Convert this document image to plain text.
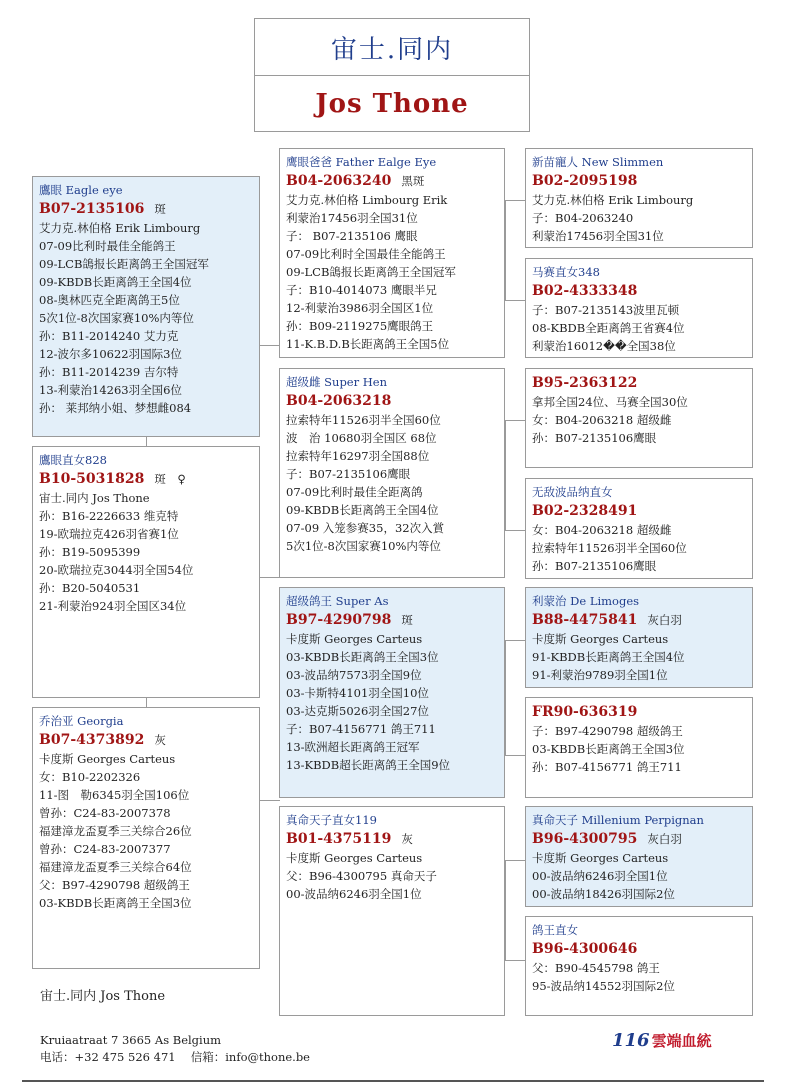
宙士.同内
Jos Thone
鷹眼 Eagle eye
B07-2135106 斑
艾力克.林伯格 Erik Limbourg
07-09比利时最佳全能鸽王
09-LCB鴿报长距离鸽王全国冠军
09-KBDB长距离鸽王全国4位
08-奥林匹克全距离鸽王5位
5次1位-8次国家赛10%内等位
孙：B11-2014240 艾力克
12-波尔多10622羽国际3位
孙：B11-2014239 吉尔特
13-利蒙治14263羽全国6位
孙： 莱邦纳小姐、梦想雌084
鷹眼直女828
B10-5031828 斑　♀
宙士.同内 Jos Thone
孙：B16-2226633 维克特
19-欧瑞拉克426羽省赛1位
孙：B19-5095399
20-欧瑞拉克3044羽全国54位
孙：B20-5040531
21-利蒙治924羽全国区34位
乔治亚 Georgia
B07-4373892 灰
卡度斯 Georges Carteus
女：B10-2202326
11-图　勒6345羽全国106位
曾孙：C24-83-2007378
福建漳龙盃夏季三关综合26位
曾孙：C24-83-2007377
福建漳龙盃夏季三关综合64位
父：B97-4290798 超级鸽王
03-KBDB长距离鸽王全国3位
鹰眼爸爸 Father Ealge Eye
B04-2063240 黑斑
艾力克.林伯格 Limbourg Erik
利蒙治17456羽全国31位
子： B07-2135106 鹰眼
07-09比利时全国最佳全能鸽王
09-LCB鴿报长距离鸽王全国冠军
子：B10-4014073 鹰眼半兄
12-利蒙治3986羽全国区1位
孙：B09-2119275鹰眼鸽王
11-K.B.D.B长距离鸽王全国5位
超级雌 Super Hen
B04-2063218
拉索特年11526羽半全国60位
波　治 10680羽全国区 68位
拉索特年16297羽全国88位
子：B07-2135106鹰眼
07-09比利时最佳全距离鸽
09-KBDB长距离鸽王全国4位
07-09 入笼参赛35，32次入賞
5次1位-8次国家赛10%内等位
超级鸽王 Super As
B97-4290798 斑
卡度斯 Georges Carteus
03-KBDB长距离鸽王全国3位
03-波品纳7573羽全国9位
03-卡斯特4101羽全国10位
03-达克斯5026羽全国27位
子：B07-4156771 鸽王711
13-欧洲超长距离鸽王冠军
13-KBDB超长距离鸽王全国9位
真命天子直女119
B01-4375119 灰
卡度斯 Georges Carteus
父：B96-4300795 真命天子
00-波品纳6246羽全国1位
新苗寵人 New Slimmen
B02-2095198
艾力克.林伯格 Erik Limbourg
子：B04-2063240
利蒙治17456羽全国31位
马赛直女348
B02-4333348
子：B07-2135143波里瓦顿
08-KBDB全距离鸽王省赛4位
利蒙治16012��全国38位
B95-2363122
拿邦全国24位、马赛全国30位
女：B04-2063218 超级雌
孙：B07-2135106鹰眼
无敌波品纳直女
B02-2328491
女：B04-2063218 超级雌
拉索特年11526羽半全国60位
孙：B07-2135106鹰眼
利蒙治 De Limoges
B88-4475841 灰白羽
卡度斯 Georges Carteus
91-KBDB长距离鸽王全国4位
91-利蒙治9789羽全国1位
FR90-636319
子：B97-4290798 超级鸽王
03-KBDB长距离鸽王全国3位
孙：B07-4156771 鸽王711
真命天子 Millenium Perpignan
B96-4300795 灰白羽
卡度斯 Georges Carteus
00-波品纳6246羽全国1位
00-波品纳18426羽国际2位
鸽王直女
B96-4300646
父：B90-4545798 鸽王
95-波品纳14552羽国际2位
宙士.同内 Jos Thone
Kruiaatraat 7 3665 As Belgium
电话：+32 475 526 471　 信箱：info@thone.be
116 雲端血統
